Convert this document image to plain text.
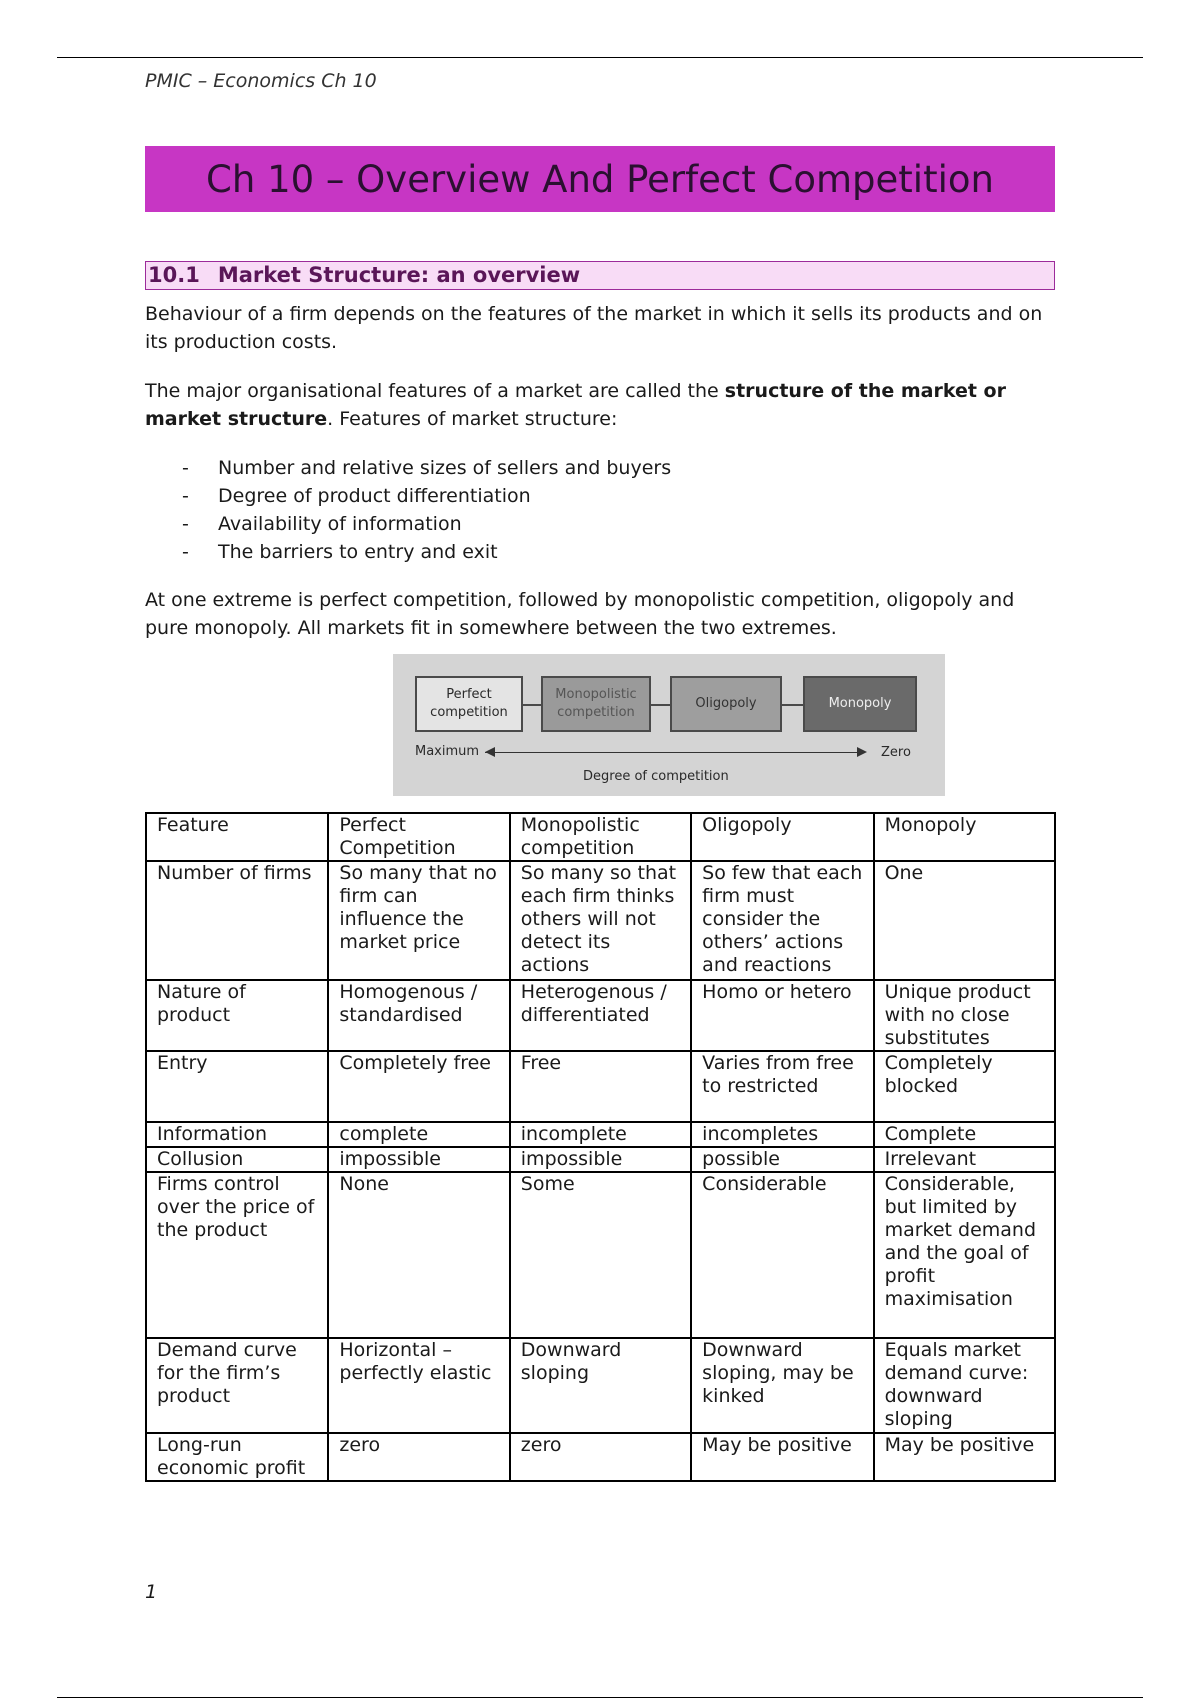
PMIC – Economics Ch 10
Ch 10 – Overview And Perfect Competition
10.1 Market Structure: an overview
Behaviour of a firm depends on the features of the market in which it sells its products and on its production costs.
The major organisational features of a market are called the structure of the market or market structure. Features of market structure:
- Number and relative sizes of sellers and buyers
- Degree of product differentiation
- Availability of information
- The barriers to entry and exit
At one extreme is perfect competition, followed by monopolistic competition, oligopoly and pure monopoly. All markets fit in somewhere between the two extremes.
Perfect competition
Monopolistic competition
Oligopoly	Monopoly
Maximum	Zero
Degree of competition
Feature	Perfect Competition	Monopolistic competition	Oligopoly	Monopoly
Number of firms	So many that no firm can influence the market price	So many so that each firm thinks others will not detect its actions	So few that each firm must consider the others’ actions and reactions	One
Nature of product	Homogenous / standardised	Heterogenous / differentiated	Homo or hetero	Unique product with no close substitutes
Entry	Completely free	Free	Varies from free to restricted	Completely blocked
Information	complete	incomplete	incompletes	Complete
Collusion	impossible	impossible	possible	Irrelevant
Firms control over the price of the product	None	Some	Considerable	Considerable, but limited by market demand and the goal of profit maximisation
Demand curve for the firm’s product	Horizontal – perfectly elastic	Downward sloping	Downward sloping, may be kinked	Equals market demand curve: downward sloping
Long-run economic profit	zero	zero	May be positive	May be positive
1
